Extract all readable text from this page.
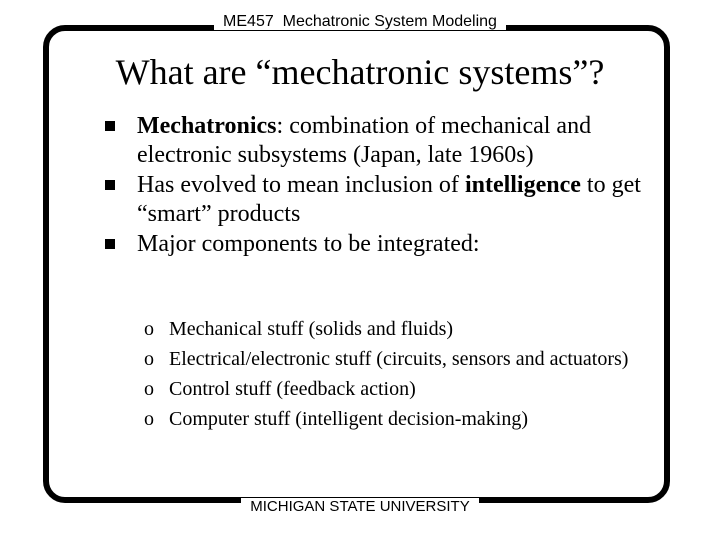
ME457  Mechatronic System Modeling
What are “mechatronic systems”?
Mechatronics: combination of mechanical and electronic subsystems (Japan, late 1960s)
Has evolved to mean inclusion of intelligence to get “smart” products
Major components to be integrated:
o Mechanical stuff (solids and fluids)
o Electrical/electronic stuff (circuits, sensors and actuators)
o Control stuff (feedback action)
o Computer stuff (intelligent decision-making)
MICHIGAN STATE UNIVERSITY
